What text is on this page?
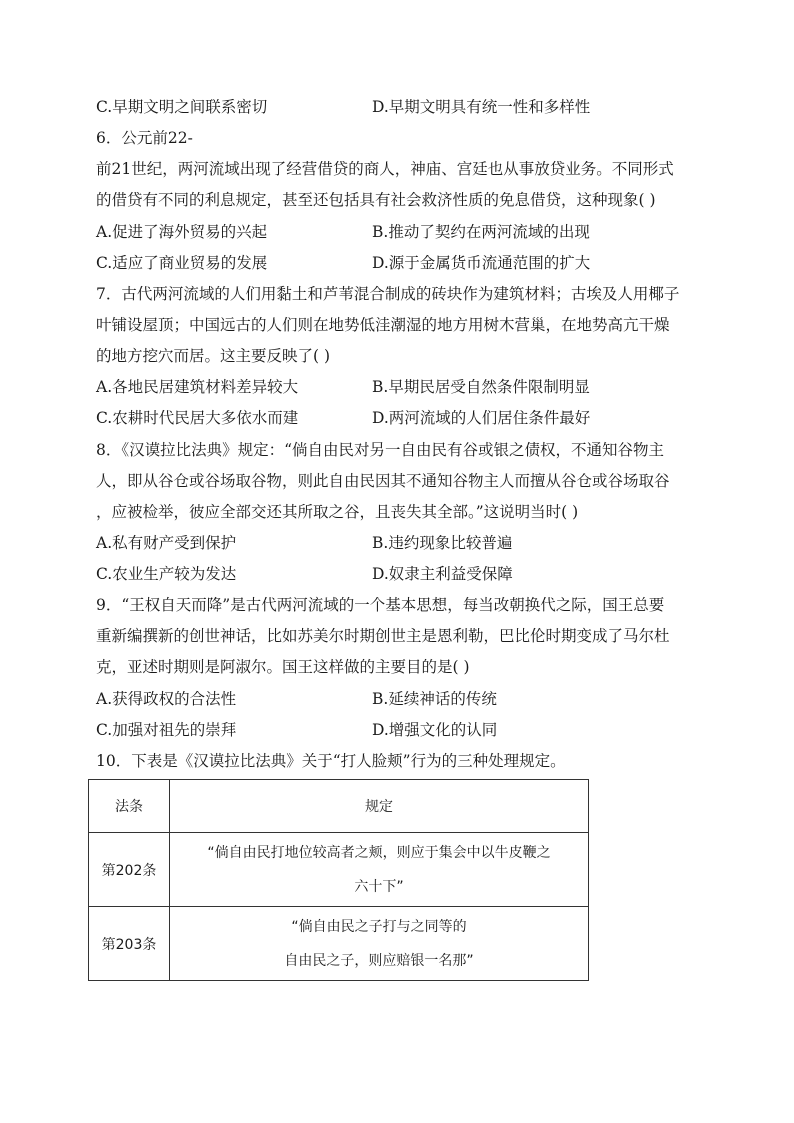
C.早期文明之间联系密切	D.早期文明具有统一性和多样性
6．公元前22-
前21世纪，两河流域出现了经营借贷的商人，神庙、宫廷也从事放贷业务。不同形式
的借贷有不同的利息规定，甚至还包括具有社会救济性质的免息借贷，这种现象( )
A.促进了海外贸易的兴起	B.推动了契约在两河流域的出现
C.适应了商业贸易的发展	D.源于金属货币流通范围的扩大
7．古代两河流域的人们用黏土和芦苇混合制成的砖块作为建筑材料；古埃及人用椰子
叶铺设屋顶；中国远古的人们则在地势低洼潮湿的地方用树木营巢，在地势高亢干燥
的地方挖穴而居。这主要反映了( )
A.各地民居建筑材料差异较大	B.早期民居受自然条件限制明显
C.农耕时代民居大多依水而建	D.两河流域的人们居住条件最好
8．《汉谟拉比法典》规定：“倘自由民对另一自由民有谷或银之债权，不通知谷物主
人，即从谷仓或谷场取谷物，则此自由民因其不通知谷物主人而擅从谷仓或谷场取谷
，应被检举，彼应全部交还其所取之谷，且丧失其全部。”这说明当时( )
A.私有财产受到保护	B.违约现象比较普遍
C.农业生产较为发达	D.奴隶主利益受保障
9．“王权自天而降”是古代两河流域的一个基本思想，每当改朝换代之际，国王总要
重新编撰新的创世神话，比如苏美尔时期创世主是恩利勒，巴比伦时期变成了马尔杜
克，亚述时期则是阿淑尔。国王这样做的主要目的是( )
A.获得政权的合法性	B.延续神话的传统
C.加强对祖先的崇拜	D.增强文化的认同
10．下表是《汉谟拉比法典》关于“打人脸颊”行为的三种处理规定。
法条	规定
第202条	“倘自由民打地位较高者之颊，则应于集会中以牛皮鞭之
六十下”

第203条	“倘自由民之子打与之同等的
自由民之子，则应赔银一名那”
